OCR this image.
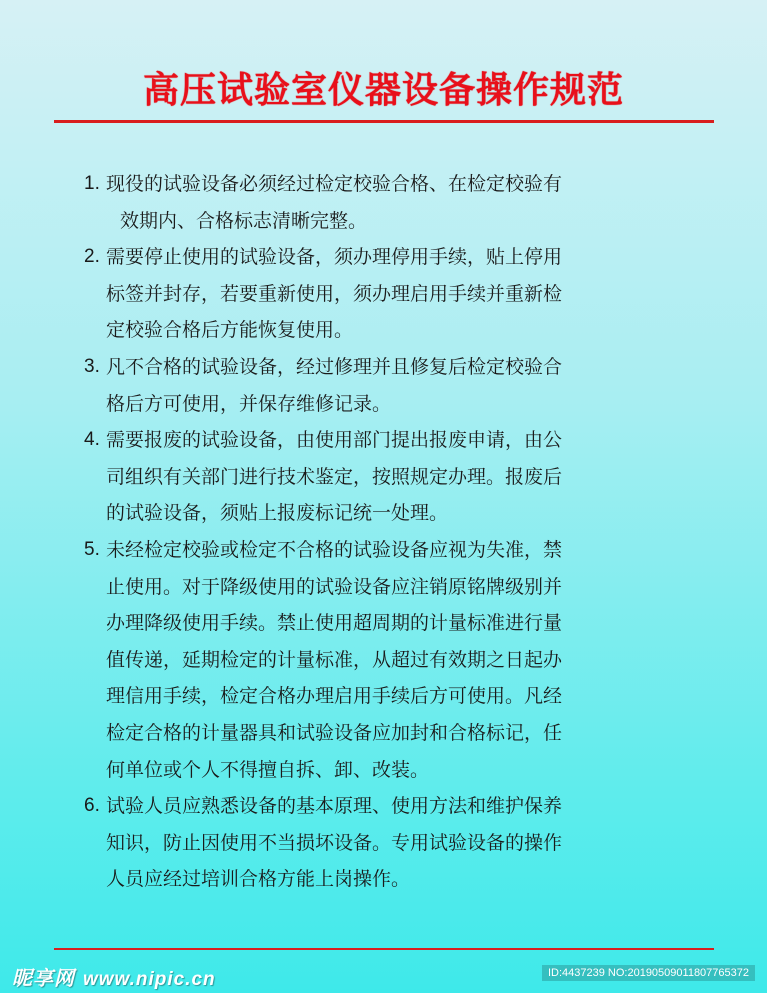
高压试验室仪器设备操作规范
1. 现役的试验设备必须经过检定校验合格、在检定校验有
效期内、合格标志清晰完整。
2. 需要停止使用的试验设备，须办理停用手续，贴上停用
标签并封存，若要重新使用，须办理启用手续并重新检
定校验合格后方能恢复使用。
3. 凡不合格的试验设备，经过修理并且修复后检定校验合
格后方可使用，并保存维修记录。
4. 需要报废的试验设备，由使用部门提出报废申请，由公
司组织有关部门进行技术鉴定，按照规定办理。报废后
的试验设备，须贴上报废标记统一处理。
5. 未经检定校验或检定不合格的试验设备应视为失准，禁
止使用。对于降级使用的试验设备应注销原铭牌级别并
办理降级使用手续。禁止使用超周期的计量标准进行量
值传递，延期检定的计量标准，从超过有效期之日起办
理信用手续，检定合格办理启用手续后方可使用。凡经
检定合格的计量器具和试验设备应加封和合格标记，任
何单位或个人不得擅自拆、卸、改装。
6. 试验人员应熟悉设备的基本原理、使用方法和维护保养
知识，防止因使用不当损坏设备。专用试验设备的操作
人员应经过培训合格方能上岗操作。
昵享网 www.nipic.cn	ID:4437239 NO:20190509011807765372
